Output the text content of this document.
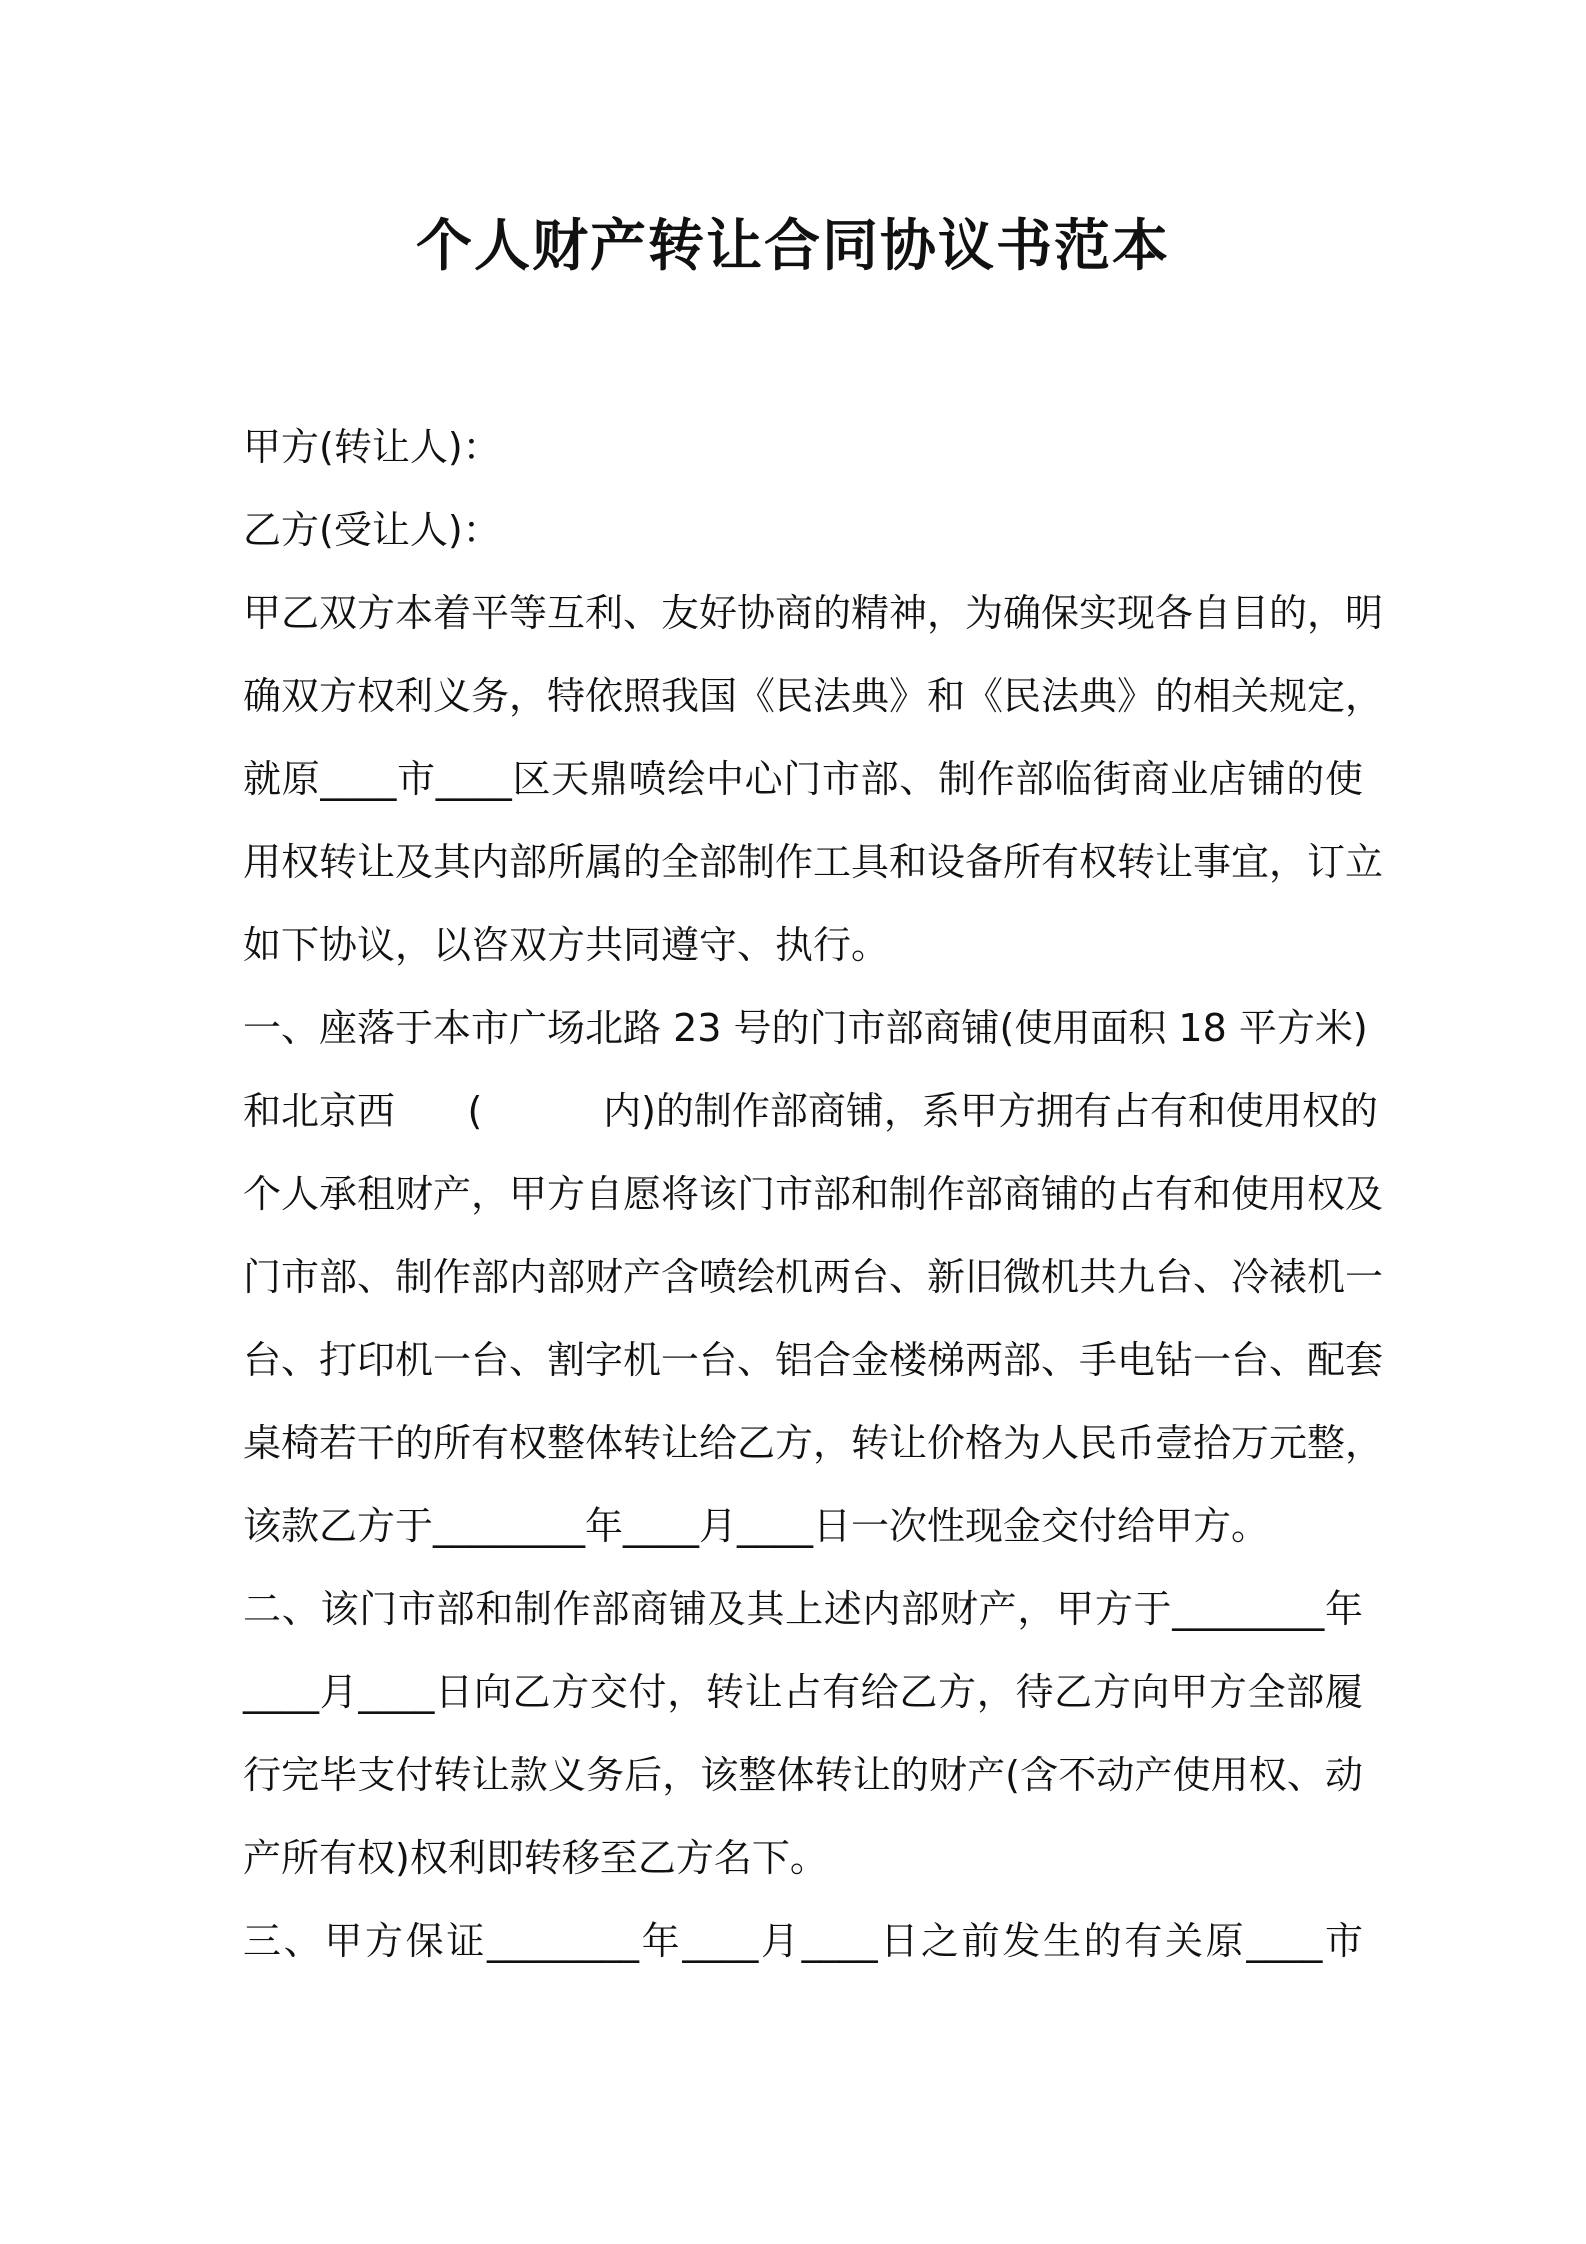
个人财产转让合同协议书范本
甲方(转让人)：
乙方(受让人)：
甲乙双方本着平等互利、友好协商的精神，为确保实现各自目的，明
确双方权利义务，特依照我国《民法典》和《民法典》的相关规定，
就原____市____区天鼎喷绘中心门市部、制作部临街商业店铺的使
用权转让及其内部所属的全部制作工具和设备所有权转让事宜，订立
如下协议，以咨双方共同遵守、执行。
一、座落于本市广场北路 23 号的门市部商铺(使用面积 18 平方米)
和北京西      (          内)的制作部商铺，系甲方拥有占有和使用权的
个人承租财产，甲方自愿将该门市部和制作部商铺的占有和使用权及
门市部、制作部内部财产含喷绘机两台、新旧微机共九台、冷裱机一
台、打印机一台、割字机一台、铝合金楼梯两部、手电钻一台、配套
桌椅若干的所有权整体转让给乙方，转让价格为人民币壹拾万元整，
该款乙方于________年____月____日一次性现金交付给甲方。
二、该门市部和制作部商铺及其上述内部财产，甲方于________年
____月____日向乙方交付，转让占有给乙方，待乙方向甲方全部履
行完毕支付转让款义务后，该整体转让的财产(含不动产使用权、动
产所有权)权利即转移至乙方名下。
三、甲方保证________年____月____日之前发生的有关原____市
